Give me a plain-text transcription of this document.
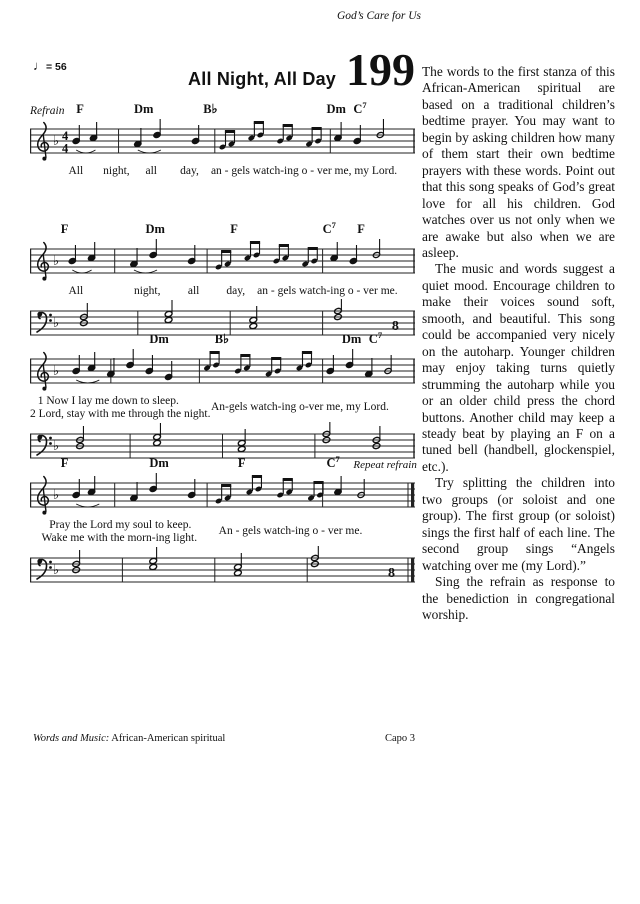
God’s Care for Us
♩= 56
All Night, All Day 199
Refrain F	Dm	B♭	Dm $C^7$
♭ 4
4
All night, all day, an - gels watch-ing o - ver me, my Lord.
F	Dm	F	$C^7$ F
♭
All	night, all day, an - gels watch-ing o - ver me.
♭	8
Dm	B♭	Dm $C^7$
♭
1 Now I lay me down to sleep.
2 Lord, stay with me through the night.
An-gels watch-ing o-ver me, my Lord.
♭
F	Dm	F	$C^7$
Repeat refrain
♭
Pray the Lord my soul to keep.
Wake me with the morn-ing light.
An - gels watch-ing o - ver me.
♭	8

The words to the first stanza of this African-American spiritual are based on a traditional children’s bedtime prayer. You may want to begin by asking children how many of them start their own bedtime prayers with these words. Point out that this song speaks of God’s great love for all his children. God watches over us not only when we are awake but also when we are asleep.

The music and words suggest a quiet mood. Encourage children to make their voices sound soft, smooth, and beautiful. This song could be accompanied very nicely on the autoharp. Younger children may enjoy taking turns quietly strumming the autoharp while you or an older child press the chord buttons. Another child may keep a steady beat by playing an F on a tuned bell (handbell, glockenspiel, etc.).

Try splitting the children into two groups (or soloist and one group). The first group (or soloist) sings the first half of each line. The second group sings “Angels watching over me (my Lord).”

Sing the refrain as response to the benediction in congregational worship.

Words and Music: African-American spiritual	Capo 3
